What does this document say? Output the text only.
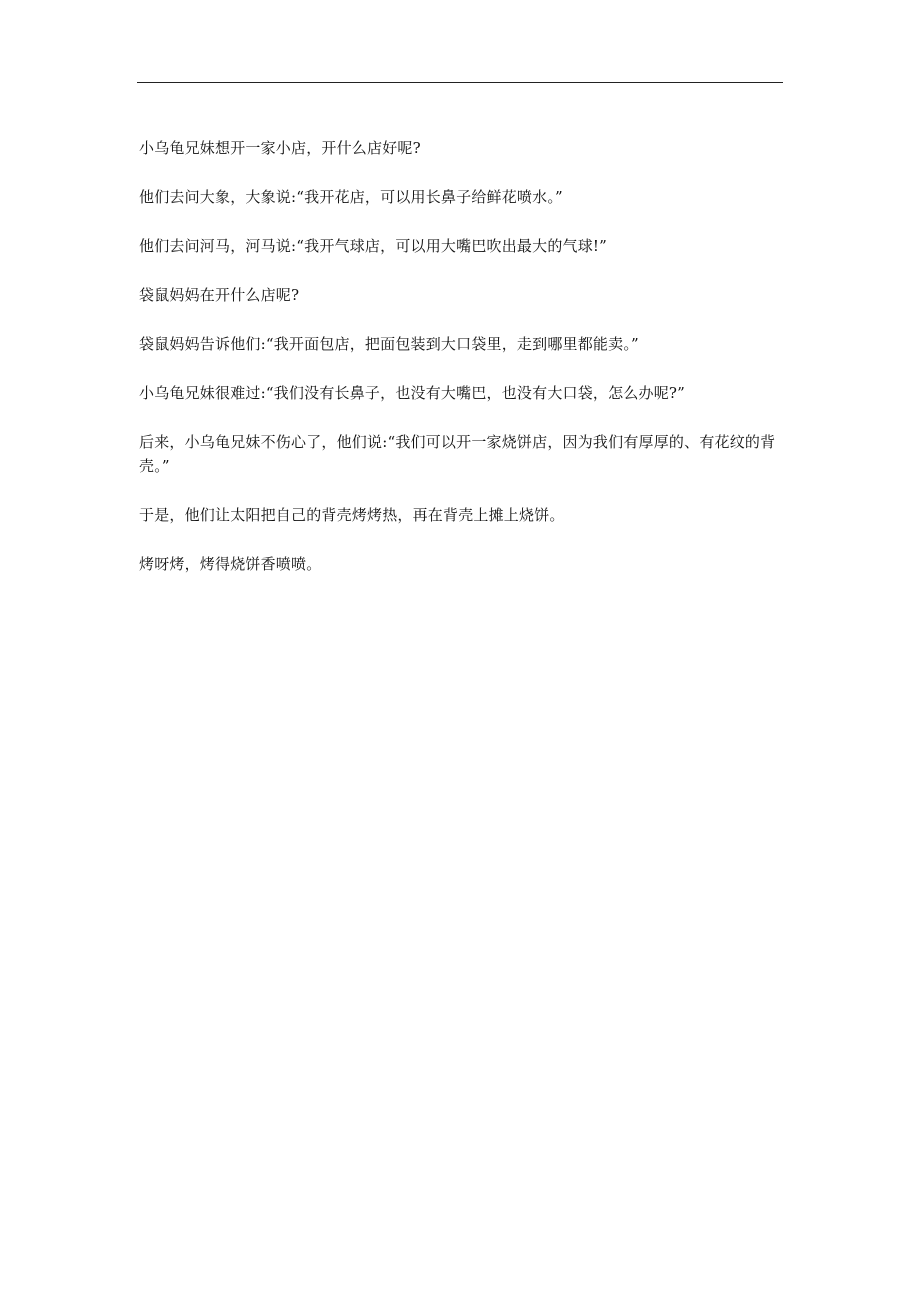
小乌龟兄妹想开一家小店，开什么店好呢?

他们去问大象，大象说:“我开花店，可以用长鼻子给鲜花喷水。”

他们去问河马，河马说:“我开气球店，可以用大嘴巴吹出最大的气球!”

袋鼠妈妈在开什么店呢?

袋鼠妈妈告诉他们:“我开面包店，把面包装到大口袋里，走到哪里都能卖。”

小乌龟兄妹很难过:“我们没有长鼻子，也没有大嘴巴，也没有大口袋，怎么办呢?”

后来，小乌龟兄妹不伤心了，他们说:“我们可以开一家烧饼店，因为我们有厚厚的、有花纹的背壳。”

于是，他们让太阳把自己的背壳烤烤热，再在背壳上摊上烧饼。

烤呀烤，烤得烧饼香喷喷。
